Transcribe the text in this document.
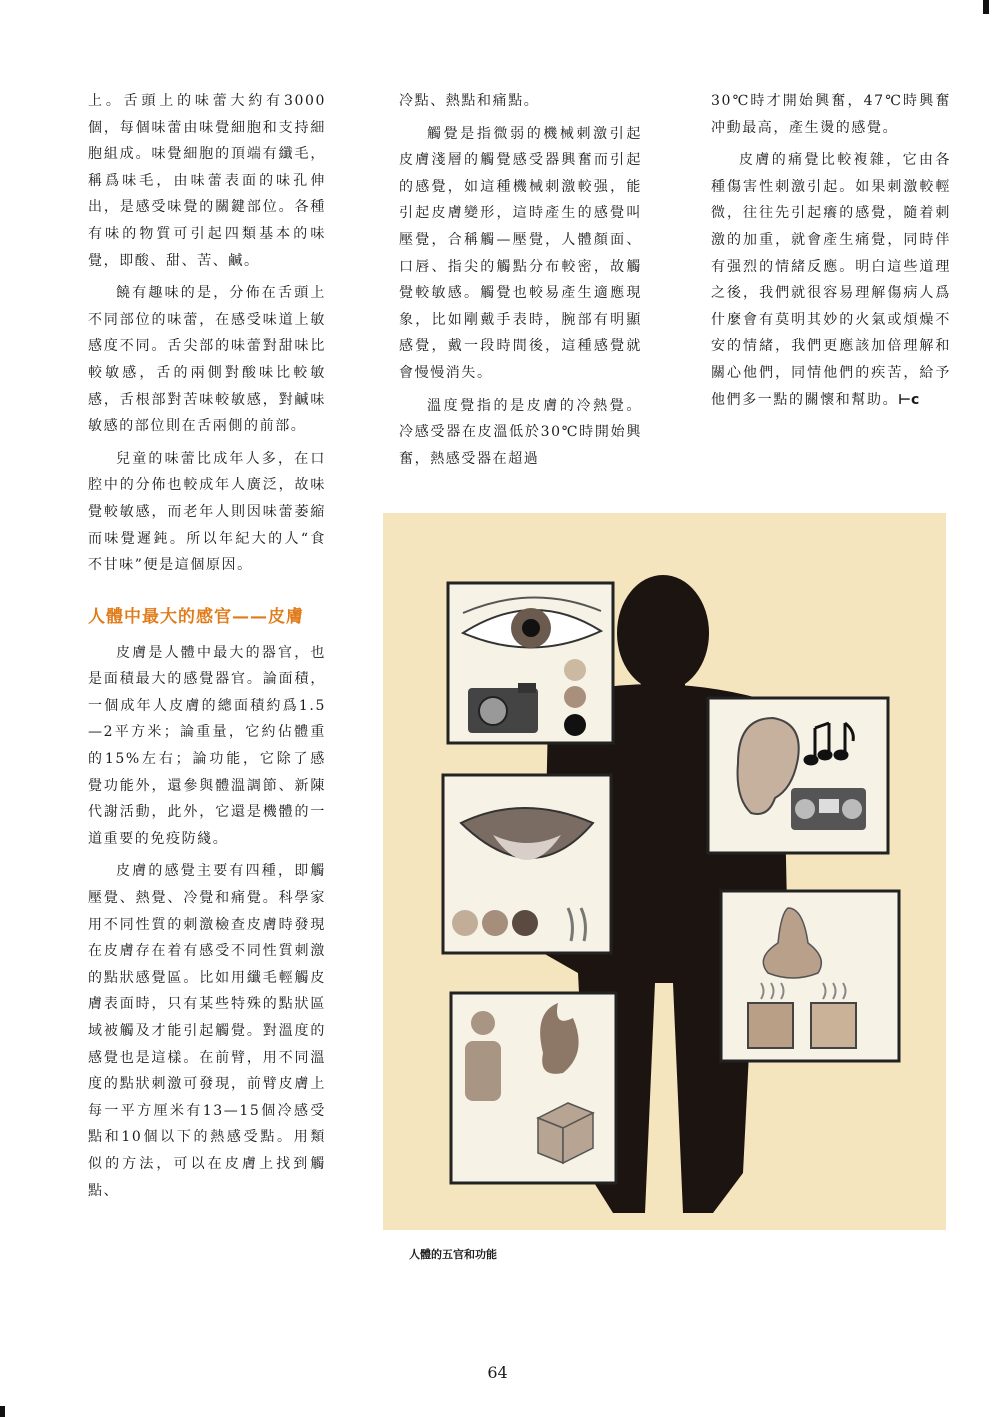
上。舌頭上的味蕾大約有3000個，每個味蕾由味覺細胞和支持細胞組成。味覺細胞的頂端有纖毛，稱爲味毛，由味蕾表面的味孔伸出，是感受味覺的關鍵部位。各種有味的物質可引起四類基本的味覺，即酸、甜、苦、鹹。

饒有趣味的是，分佈在舌頭上不同部位的味蕾，在感受味道上敏感度不同。舌尖部的味蕾對甜味比較敏感，舌的兩側對酸味比較敏感，舌根部對苦味較敏感，對鹹味敏感的部位則在舌兩側的前部。

兒童的味蕾比成年人多，在口腔中的分佈也較成年人廣泛，故味覺較敏感，而老年人則因味蕾萎縮而味覺遲鈍。所以年紀大的人“食不甘味”便是這個原因。

人體中最大的感官——皮膚

皮膚是人體中最大的器官，也是面積最大的感覺器官。論面積，一個成年人皮膚的總面積約爲1.5—2平方米；論重量，它約佔體重的15%左右；論功能，它除了感覺功能外，還參與體溫調節、新陳代謝活動，此外，它還是機體的一道重要的免疫防綫。

皮膚的感覺主要有四種，即觸壓覺、熱覺、冷覺和痛覺。科學家用不同性質的刺激檢查皮膚時發現在皮膚存在着有感受不同性質刺激的點狀感覺區。比如用纖毛輕觸皮膚表面時，只有某些特殊的點狀區域被觸及才能引起觸覺。對溫度的感覺也是這樣。在前臂，用不同溫度的點狀刺激可發現，前臂皮膚上每一平方厘米有13—15個冷感受點和10個以下的熱感受點。用類似的方法，可以在皮膚上找到觸點、

冷點、熱點和痛點。

觸覺是指微弱的機械刺激引起皮膚淺層的觸覺感受器興奮而引起的感覺，如這種機械刺激較强，能引起皮膚變形，這時產生的感覺叫壓覺，合稱觸—壓覺，人體顏面、口唇、指尖的觸點分布較密，故觸覺較敏感。觸覺也較易產生適應現象，比如剛戴手表時，腕部有明顯感覺，戴一段時間後，這種感覺就會慢慢消失。

溫度覺指的是皮膚的冷熱覺。冷感受器在皮溫低於30℃時開始興奮，熱感受器在超過

30℃時才開始興奮，47℃時興奮冲動最高，產生燙的感覺。

皮膚的痛覺比較複雜，它由各種傷害性刺激引起。如果刺激較輕微，往往先引起癢的感覺，隨着刺激的加重，就會產生痛覺，同時伴有强烈的情緒反應。明白這些道理之後，我們就很容易理解傷病人爲什麼會有莫明其妙的火氣或煩燥不安的情緒，我們更應該加倍理解和關心他們，同情他們的疾苦，給予他們多一點的關懷和幫助。⊢c

人體的五官和功能
64
